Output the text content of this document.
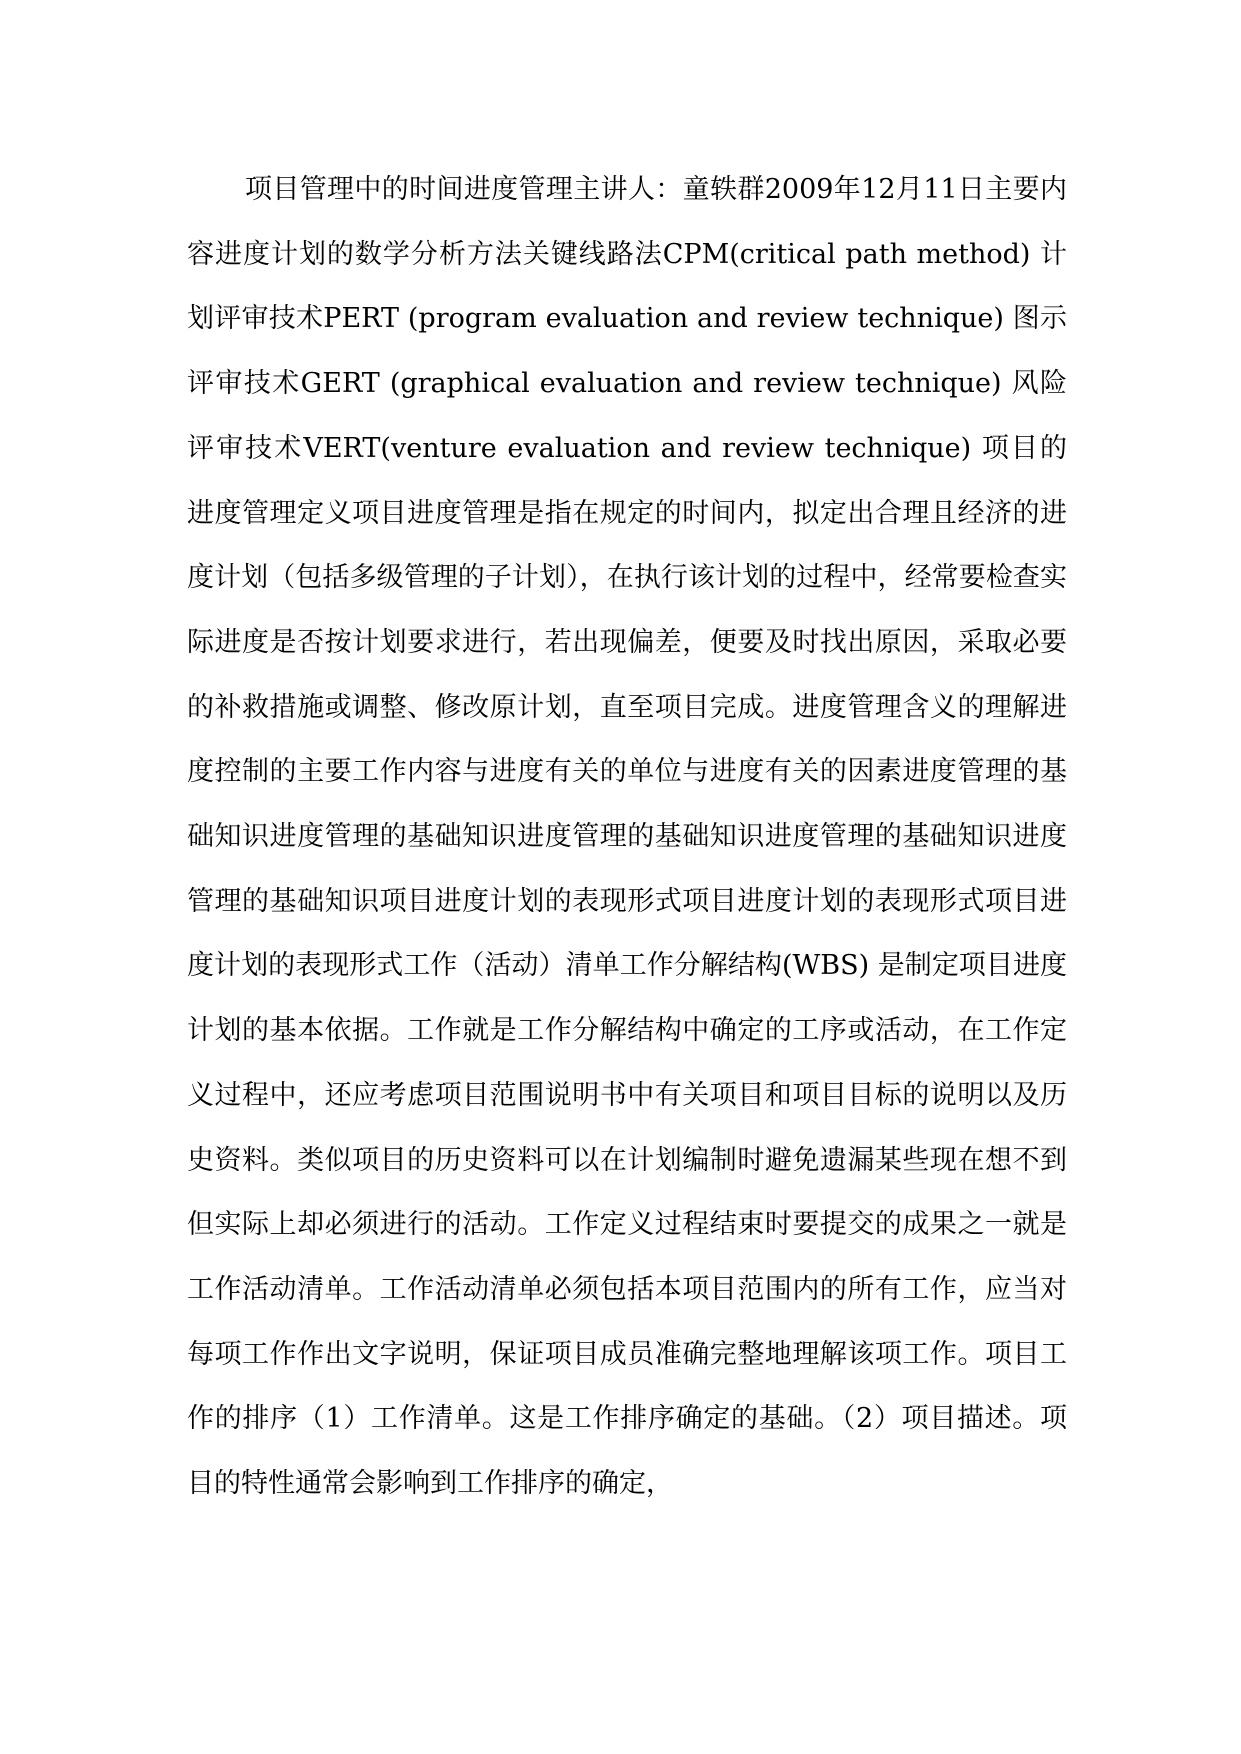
项目管理中的时间进度管理主讲人：童轶群2009年12月11日主要内容进度计划的数学分析方法关键线路法CPM(critical path method) 计划评审技术PERT (program evaluation and review technique) 图示评审技术GERT (graphical evaluation and review technique) 风险评审技术VERT(venture evaluation and review technique) 项目的进度管理定义项目进度管理是指在规定的时间内，拟定出合理且经济的进度计划（包括多级管理的子计划），在执行该计划的过程中，经常要检查实际进度是否按计划要求进行，若出现偏差，便要及时找出原因，采取必要的补救措施或调整、修改原计划，直至项目完成。进度管理含义的理解进度控制的主要工作内容与进度有关的单位与进度有关的因素进度管理的基础知识进度管理的基础知识进度管理的基础知识进度管理的基础知识进度管理的基础知识项目进度计划的表现形式项目进度计划的表现形式项目进度计划的表现形式工作（活动）清单工作分解结构(WBS) 是制定项目进度计划的基本依据。工作就是工作分解结构中确定的工序或活动，在工作定义过程中，还应考虑项目范围说明书中有关项目和项目目标的说明以及历史资料。类似项目的历史资料可以在计划编制时避免遗漏某些现在想不到但实际上却必须进行的活动。工作定义过程结束时要提交的成果之一就是工作活动清单。工作活动清单必须包括本项目范围内的所有工作，应当对每项工作作出文字说明，保证项目成员准确完整地理解该项工作。项目工作的排序（1）工作清单。这是工作排序确定的基础。（2）项目描述。项目的特性通常会影响到工作排序的确定，
